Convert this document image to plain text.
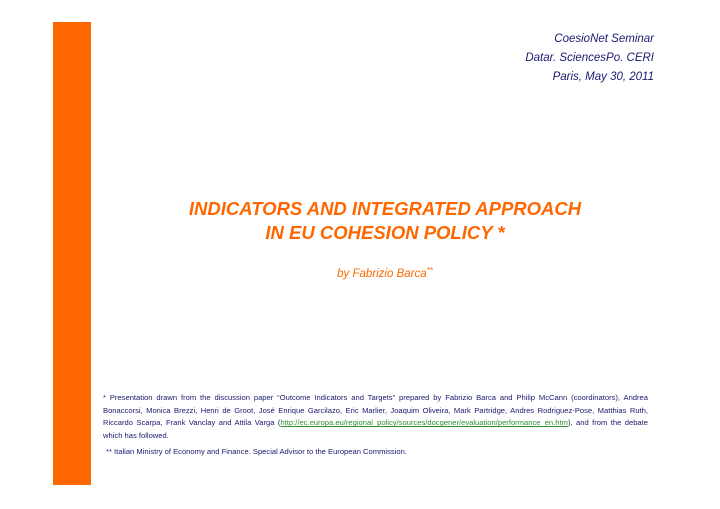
CoesioNet Seminar
Datar. SciencesPo. CERI
Paris, May 30, 2011
INDICATORS AND INTEGRATED APPROACH
IN EU COHESION POLICY *
by Fabrizio Barca**
* Presentation drawn from the discussion paper “Outcome Indicators and Targets” prepared by Fabrizio Barca and Philip McCann (coordinators), Andrea Bonaccorsi, Monica Brezzi, Henri de Groot, José Enrique Garcilazo, Eric Marlier, Joaquim Oliveira, Mark Partridge, Andres Rodriguez-Pose, Matthias Ruth, Riccardo Scarpa, Frank Vanclay and Attila Varga (http://ec.europa.eu/regional_policy/sources/docgener/evaluation/performance_en.htm), and from the debate which has followed.
** Italian Ministry of Economy and Finance. Special Advisor to the European Commission.
